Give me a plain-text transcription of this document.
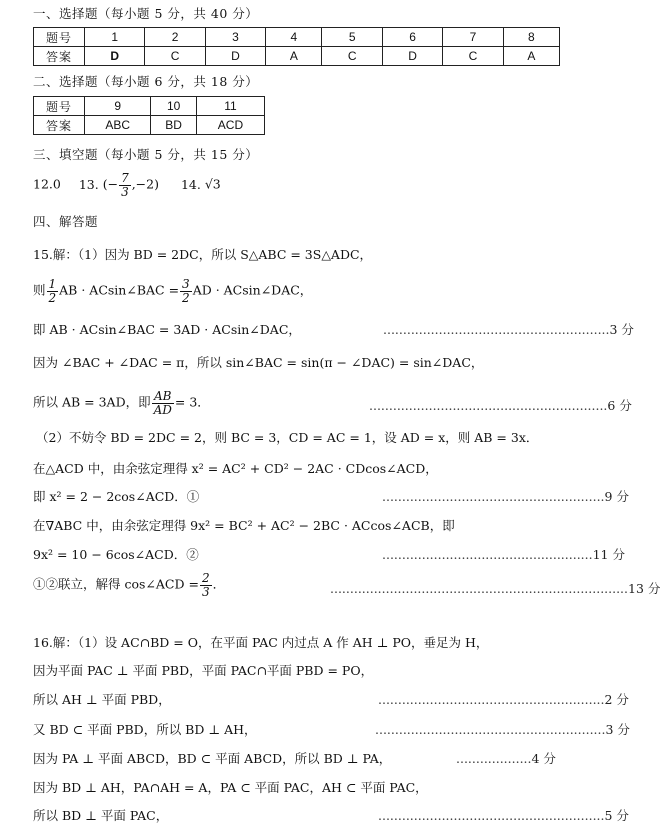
一、选择题（每小题 5 分，共 40 分）
题号	1	2	3	4	5	6	7	8
答案	D	C	D	A	C	D	C	A
二、选择题（每小题 6 分，共 18 分）
题号	9	10	11
答案	ABC	BD	ACD
三、填空题（每小题 5 分，共 15 分）
12.0 13. (− $\frac{7}{3} ,-2$) 14. √3
四、解答题
15.解：（1）因为 BD = 2DC，所以 S△ABC = 3S△ADC，
则 $\frac{1}{2}$ AB · ACsin∠BAC = $\frac{3}{2}$ AD · ACsin∠DAC，
即 AB · ACsin∠BAC = 3AD · ACsin∠DAC，	.........................................................3 分
因为 ∠BAC + ∠DAC = π，所以 sin∠BAC = sin(π − ∠DAC) = sin∠DAC，
所以 AB = 3AD，即 $\frac{AB}{AD} = 3$．	............................................................6 分
（2）不妨令 BD = 2DC = 2，则 BC = 3，CD = AC = 1，设 AD = x，则 AB = 3x．
在△ACD 中，由余弦定理得 x² = AC² + CD² − 2AC · CDcos∠ACD，
即 x² = 2 − 2cos∠ACD．①	........................................................9 分
在∇ABC 中，由余弦定理得 9x² = BC² + AC² − 2BC · ACcos∠ACB，即
9x² = 10 − 6cos∠ACD．②	.....................................................11 分
①②联立，解得 cos∠ACD = $\frac{2}{3}$ ．	...........................................................................13 分
16.解：（1）设 AC∩BD = O，在平面 PAC 内过点 A 作 AH ⊥ PO，垂足为 H，
因为平面 PAC ⊥ 平面 PBD，平面 PAC∩平面 PBD = PO，
所以 AH ⊥ 平面 PBD，	.........................................................2 分
又 BD ⊂ 平面 PBD，所以 BD ⊥ AH，	..........................................................3 分
因为 PA ⊥ 平面 ABCD，BD ⊂ 平面 ABCD，所以 BD ⊥ PA，	...................4 分
因为 BD ⊥ AH，PA∩AH = A，PA ⊂ 平面 PAC，AH ⊂ 平面 PAC，
所以 BD ⊥ 平面 PAC，	.........................................................5 分
